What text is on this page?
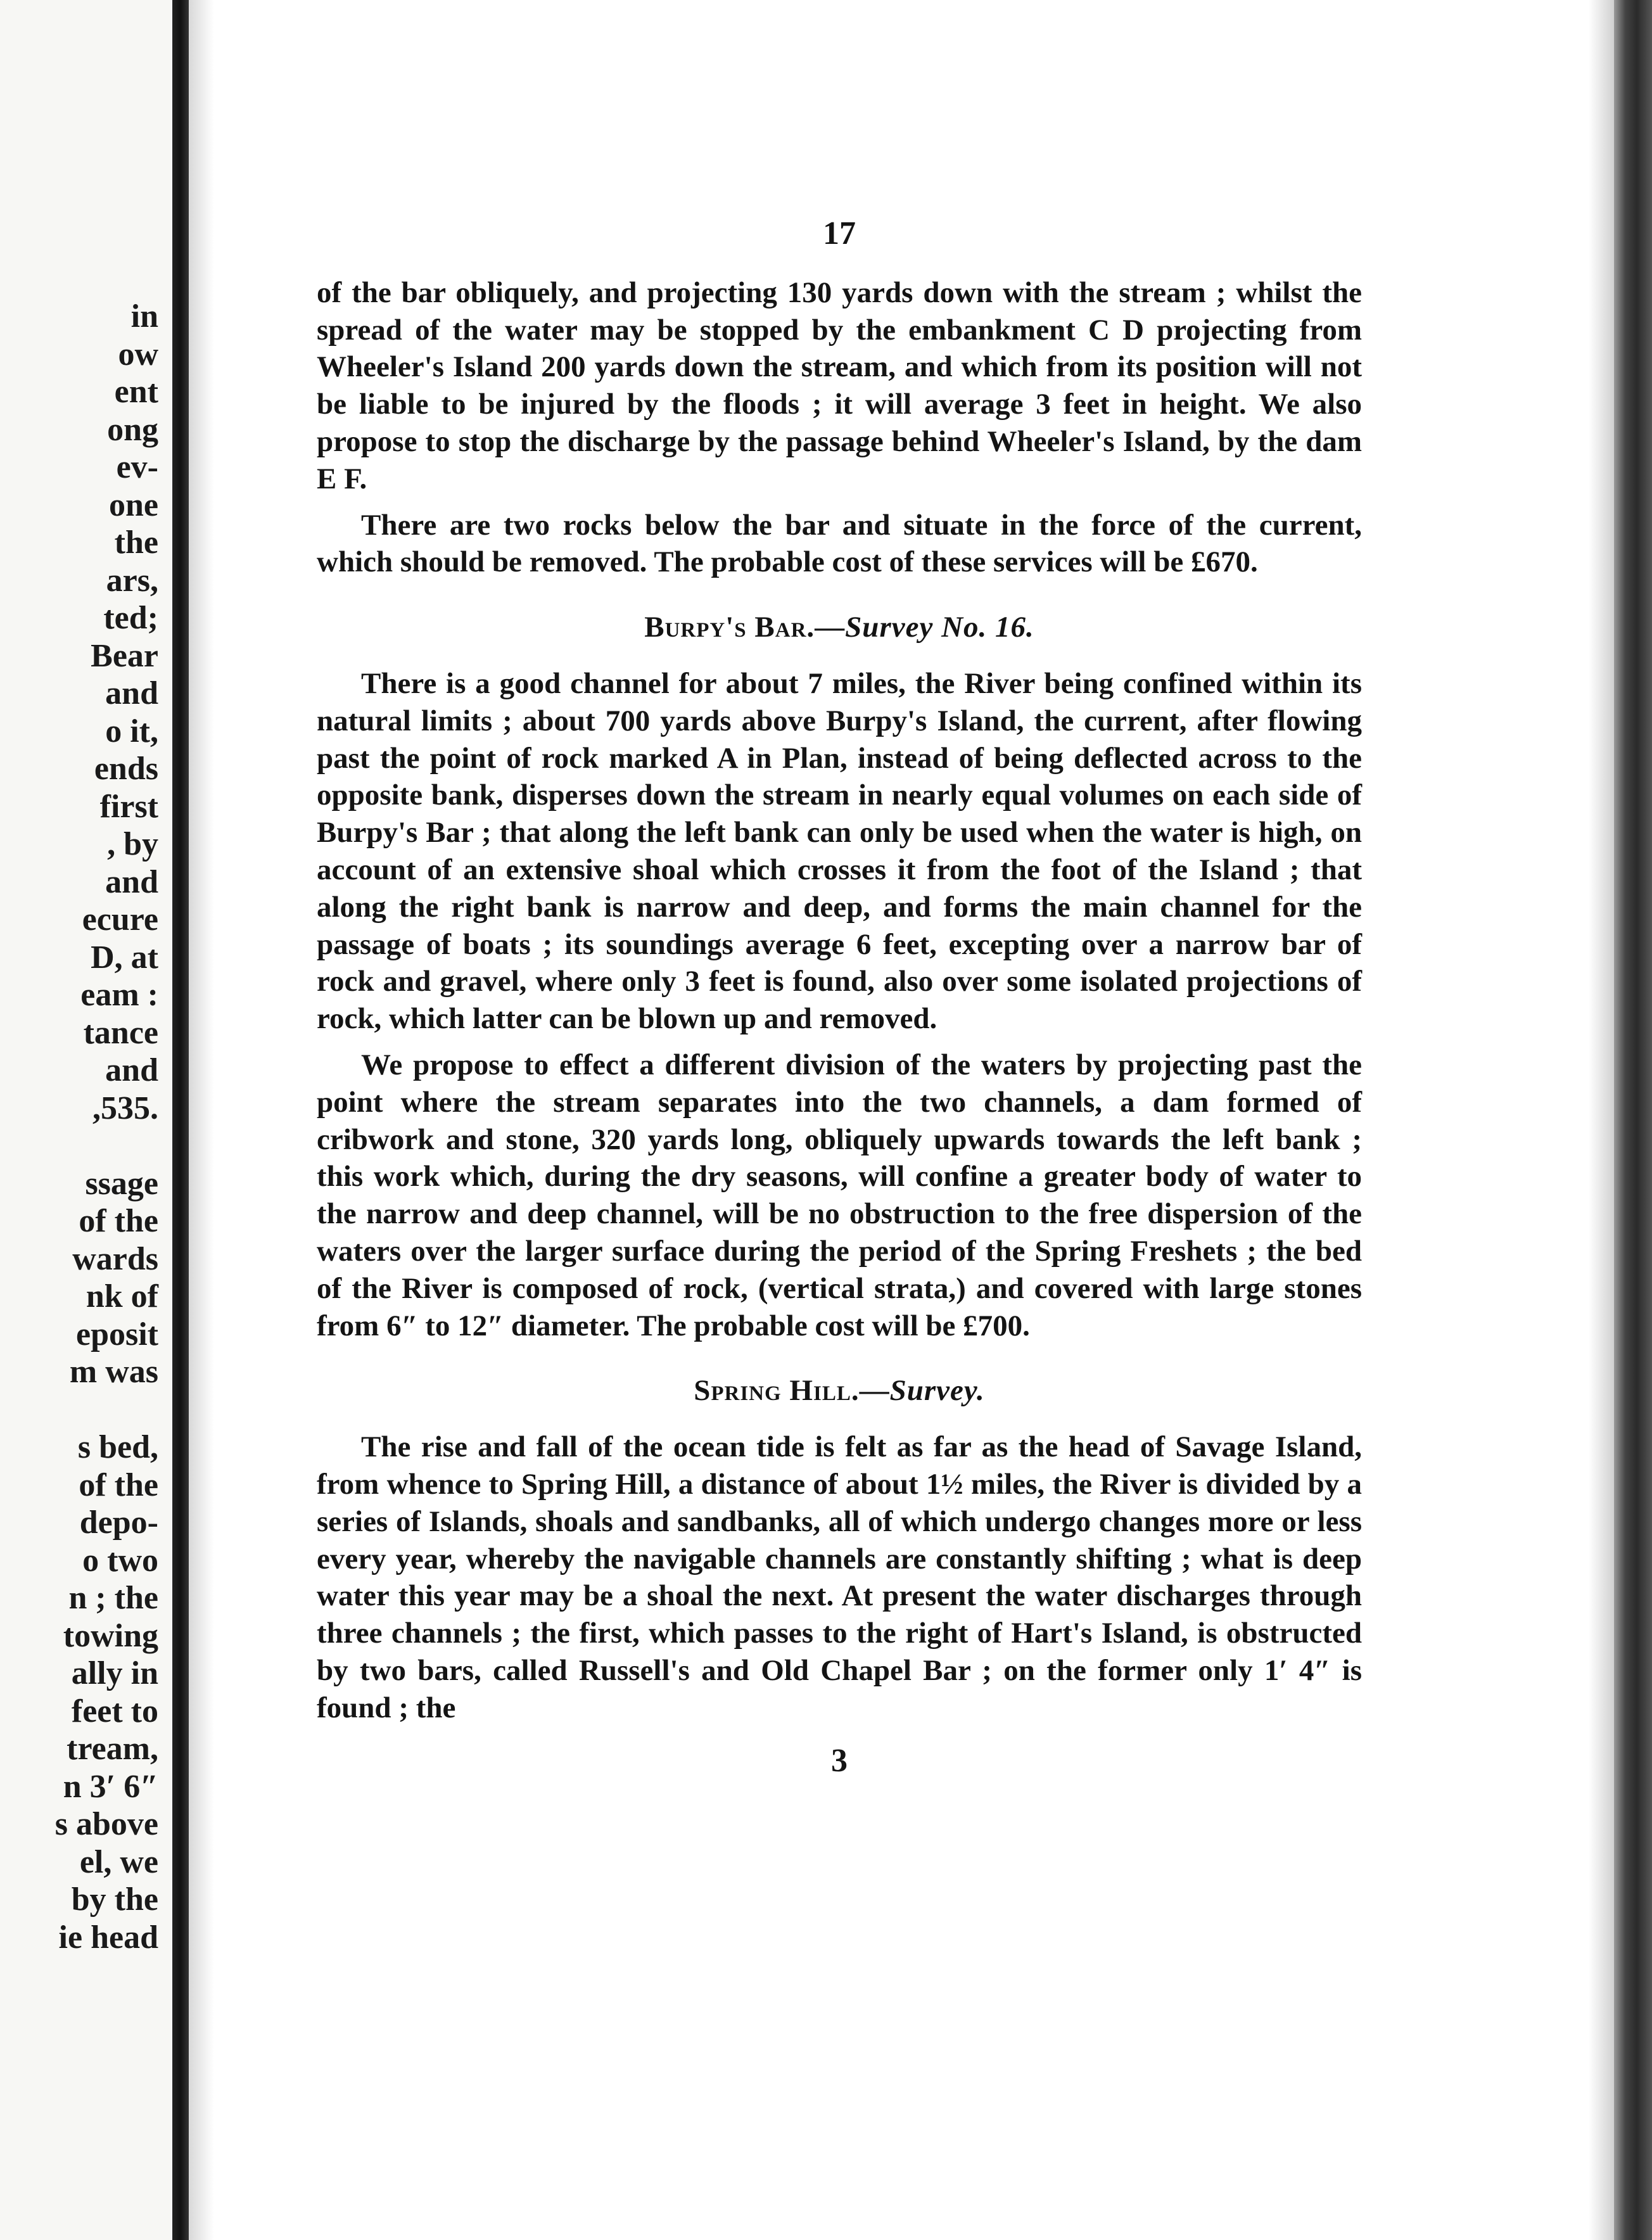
in
ow
ent
ong
ev-
one
the
ars,
ted;
Bear
and
o it,
ends
first
, by
and
ecure
D, at
eam :
tance
and
,535.
ssage
of the
wards
nk of
eposit
m was
s bed,
of the
depo-
o two
n ; the
towing
ally in
feet to
tream,
n 3′ 6″
s above
el, we
by the
ie head
17

of the bar obliquely, and projecting 130 yards down with the stream ; whilst the spread of the water may be stopped by the embankment C D projecting from Wheeler's Island 200 yards down the stream, and which from its position will not be liable to be injured by the floods ; it will average 3 feet in height. We also propose to stop the discharge by the passage behind Wheeler's Island, by the dam E F.

There are two rocks below the bar and situate in the force of the current, which should be removed. The probable cost of these services will be £670.

Burpy's Bar.—Survey No. 16.

There is a good channel for about 7 miles, the River being confined within its natural limits ; about 700 yards above Burpy's Island, the current, after flowing past the point of rock marked A in Plan, instead of being deflected across to the opposite bank, disperses down the stream in nearly equal volumes on each side of Burpy's Bar ; that along the left bank can only be used when the water is high, on account of an extensive shoal which crosses it from the foot of the Island ; that along the right bank is narrow and deep, and forms the main channel for the passage of boats ; its soundings average 6 feet, excepting over a narrow bar of rock and gravel, where only 3 feet is found, also over some isolated projections of rock, which latter can be blown up and removed.

We propose to effect a different division of the waters by projecting past the point where the stream separates into the two channels, a dam formed of cribwork and stone, 320 yards long, obliquely upwards towards the left bank ; this work which, during the dry seasons, will confine a greater body of water to the narrow and deep channel, will be no obstruction to the free dispersion of the waters over the larger surface during the period of the Spring Freshets ; the bed of the River is composed of rock, (vertical strata,) and covered with large stones from 6″ to 12″ diameter. The probable cost will be £700.

Spring Hill.—Survey.

The rise and fall of the ocean tide is felt as far as the head of Savage Island, from whence to Spring Hill, a distance of about 1½ miles, the River is divided by a series of Islands, shoals and sandbanks, all of which undergo changes more or less every year, whereby the navigable channels are constantly shifting ; what is deep water this year may be a shoal the next. At present the water discharges through three channels ; the first, which passes to the right of Hart's Island, is obstructed by two bars, called Russell's and Old Chapel Bar ; on the former only 1′ 4″ is found ; the

3
